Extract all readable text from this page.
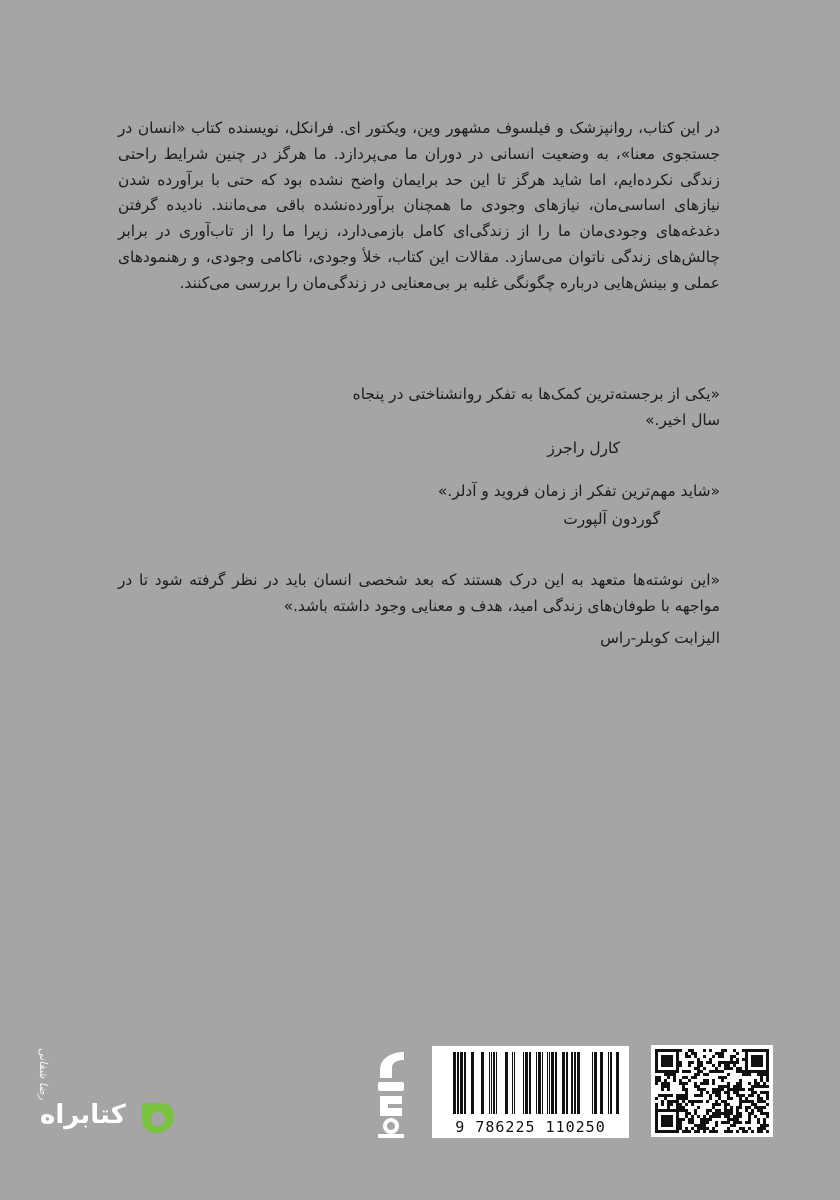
در این کتاب، روانپزشک و فیلسوف مشهور وین، ویکتور ای. فرانکل، نویسنده کتاب «انسان در جستجوی معنا»، به وضعیت انسانی در دوران ما می‌پردازد. ما هرگز در چنین شرایط راحتی زندگی نکرده‌ایم، اما شاید هرگز تا این حد برایمان واضح نشده بود که حتی با برآورده شدن نیازهای اساسی‌مان، نیازهای وجودی ما همچنان برآورده‌نشده باقی می‌مانند. نادیده گرفتن دغدغه‌های وجودی‌مان ما را از زندگی‌ای کامل بازمی‌دارد، زیرا ما را از تاب‌آوری در برابر چالش‌های زندگی ناتوان می‌سازد. مقالات این کتاب، خلأ وجودی، ناکامی وجودی، و رهنمودهای عملی و بینش‌هایی درباره چگونگی غلبه بر بی‌معنایی در زندگی‌مان را بررسی می‌کنند.

«یکی از برجسته‌ترین کمک‌ها به تفکر روانشناختی در پنجاه سال اخیر.»

کارل راجرز

«شاید مهم‌ترین تفکر از زمان فروید و آدلر.»

گوردون آلپورت

«این نوشته‌ها متعهد به این درک هستند که بعد شخصی انسان باید در نظر گرفته شود تا در مواجهه با طوفان‌های زندگی امید، هدف و معنایی وجود داشته باشد.»

الیزابت کوبلر-راس

9 786225 110250
رضا شفانی
کتابراه
